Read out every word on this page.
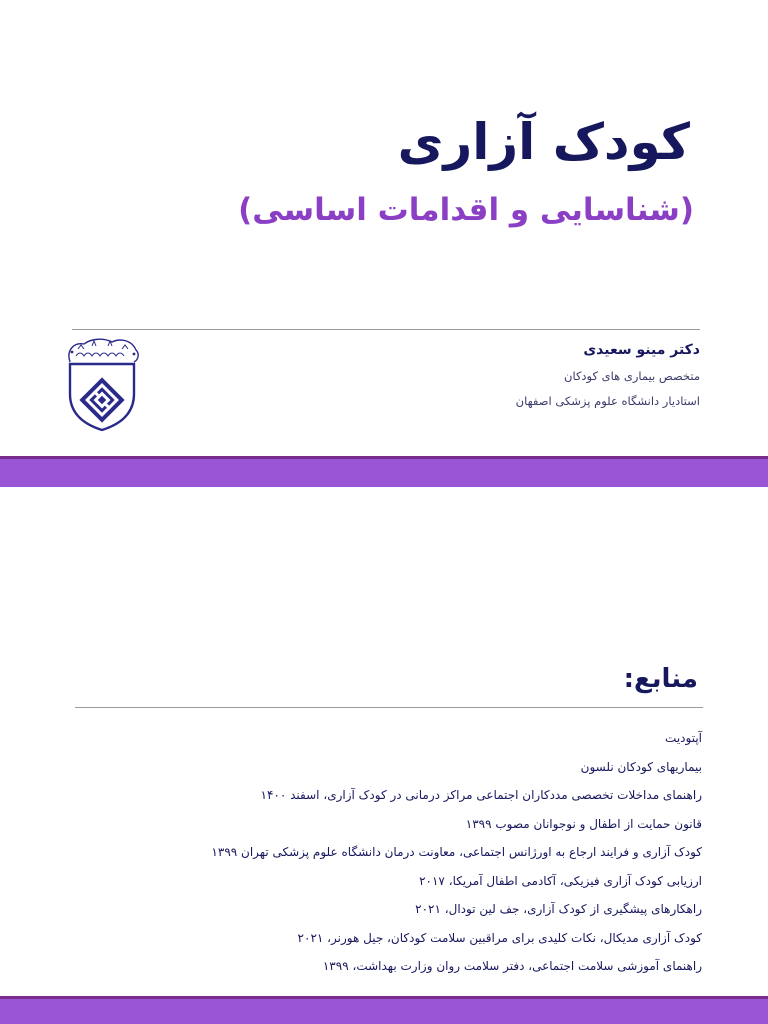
کودک آزاری
(شناسایی و اقدامات اساسی)

دکتر مینو سعیدی

متخصص بیماری های کودکان

استادیار دانشگاه علوم پزشکی اصفهان

منابع:
آپتودیت
بیماریهای کودکان نلسون
راهنمای مداخلات تخصصی مددکاران اجتماعی مراکز درمانی در کودک آزاری، اسفند ۱۴۰۰
قانون حمایت از اطفال و نوجوانان مصوب ۱۳۹۹
کودک آزاری و فرایند ارجاع به اورژانس اجتماعی، معاونت درمان دانشگاه علوم پزشکی تهران ۱۳۹۹
ارزیابی کودک آزاری فیزیکی، آکادمی اطفال آمریکا، ۲۰۱۷
راهکارهای پیشگیری از کودک آزاری، جف لین تودال، ۲۰۲۱
کودک آزاری مدیکال، نکات کلیدی برای مراقبین سلامت کودکان، جیل هورنر، ۲۰۲۱
راهنمای آموزشی سلامت اجتماعی، دفتر سلامت روان وزارت بهداشت، ۱۳۹۹
